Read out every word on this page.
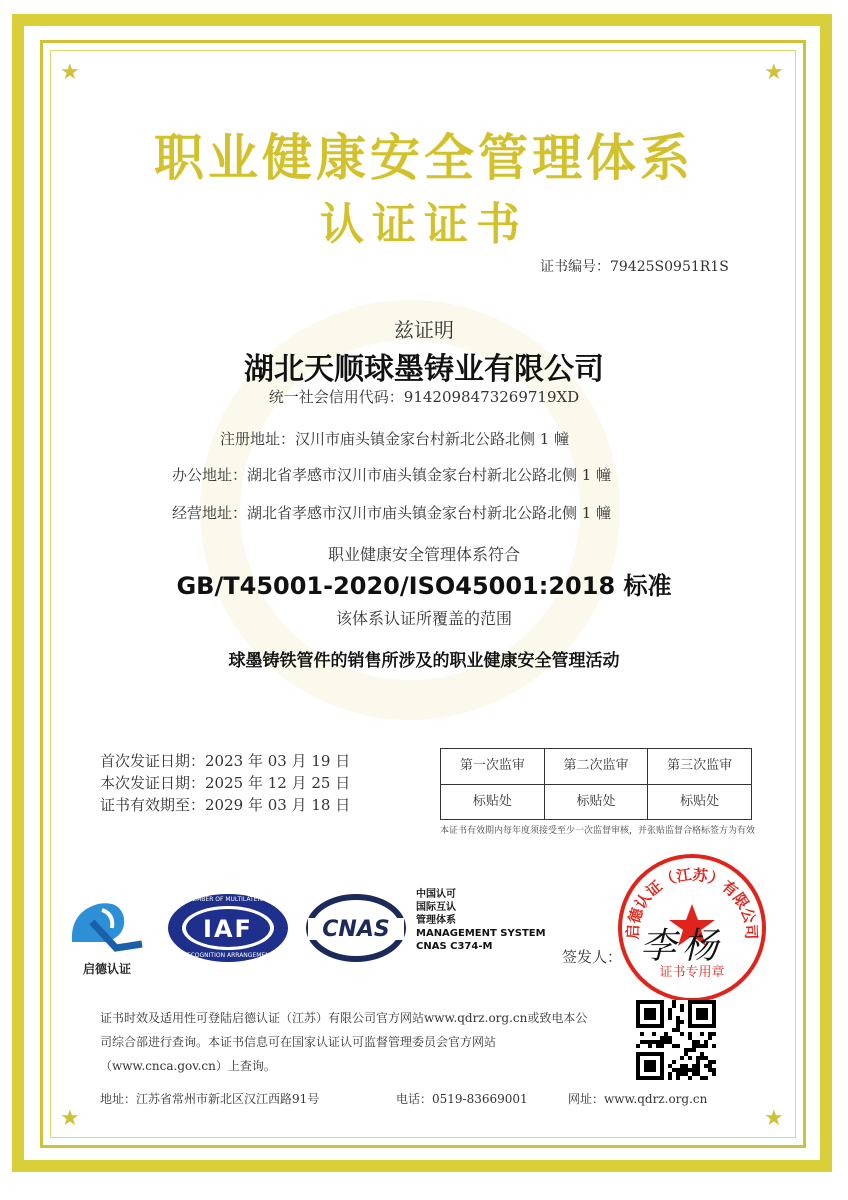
★	★
★	★
职业健康安全管理体系
认证证书
证书编号：79425S0951R1S
兹证明
湖北天顺球墨铸业有限公司
统一社会信用代码：9142098473269719XD
注册地址：汉川市庙头镇金家台村新北公路北侧 1 幢
办公地址：湖北省孝感市汉川市庙头镇金家台村新北公路北侧 1 幢
经营地址：湖北省孝感市汉川市庙头镇金家台村新北公路北侧 1 幢
职业健康安全管理体系符合
GB/T45001-2020/ISO45001:2018 标准
该体系认证所覆盖的范围
球墨铸铁管件的销售所涉及的职业健康安全管理活动
首次发证日期：2023 年 03 月 19 日
本次发证日期：2025 年 12 月 25 日
证书有效期至：2029 年 03 月 18 日
第一次监审	第二次监审	第三次监审
标贴处	标贴处	标贴处
本证书有效期内每年度须接受至少一次监督审核，并张贴监督合格标签方为有效
启德认证
MEMBER OF MULTILATERAL
IAF
RECOGNITION ARRANGEMENT
CNAS
中国认可
国际互认
管理体系
MANAGEMENT SYSTEM
CNAS C374-M
签发人：
启德认证（江苏）有限公司
证书专用章
李杨
证书时效及适用性可登陆启德认证（江苏）有限公司官方网站www.qdrz.org.cn或致电本公司综合部进行查询。本证书信息可在国家认证认可监督管理委员会官方网站（www.cnca.gov.cn）上查询。
地址：江苏省常州市新北区汉江西路91号	电话：0519-83669001	网址：www.qdrz.org.cn
